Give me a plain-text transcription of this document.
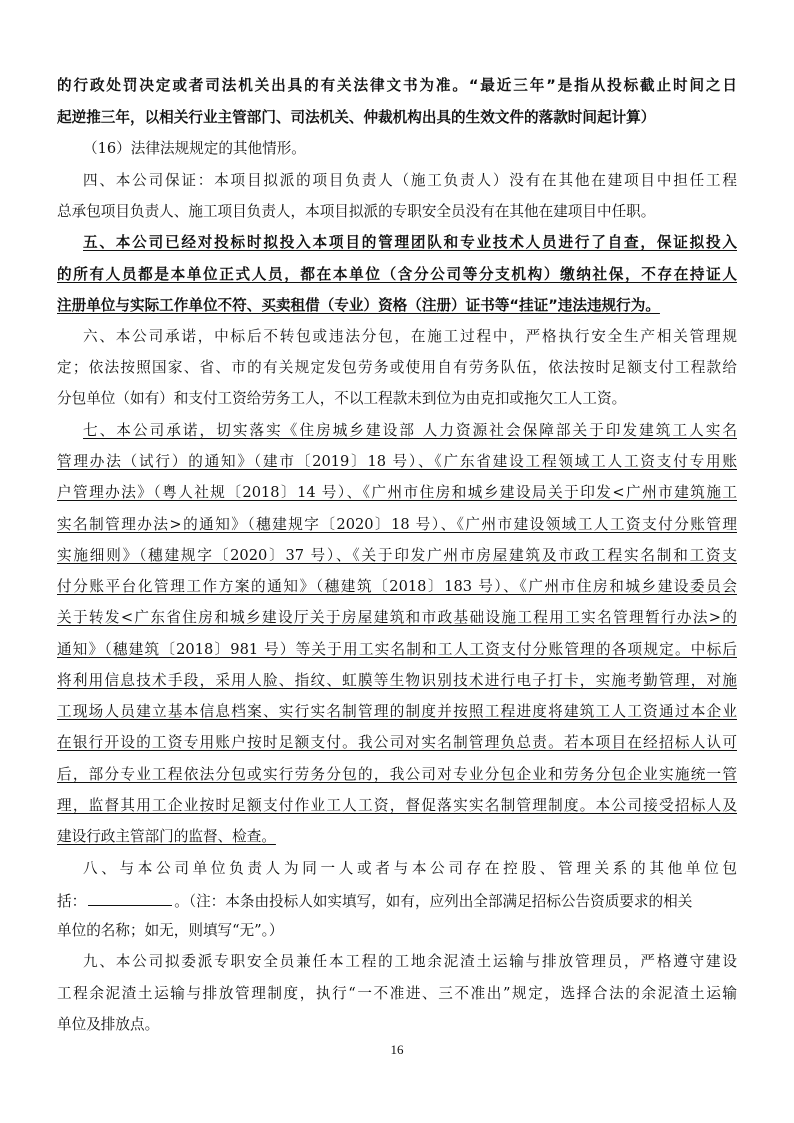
的行政处罚决定或者司法机关出具的有关法律文书为准。“最近三年”是指从投标截止时间之日
起逆推三年，以相关行业主管部门、司法机关、仲裁机构出具的生效文件的落款时间起计算）
（16）法律法规规定的其他情形。
四、本公司保证：本项目拟派的项目负责人（施工负责人）没有在其他在建项目中担任工程
总承包项目负责人、施工项目负责人，本项目拟派的专职安全员没有在其他在建项目中任职。
五、本公司已经对投标时拟投入本项目的管理团队和专业技术人员进行了自查，保证拟投入
的所有人员都是本单位正式人员，都在本单位（含分公司等分支机构）缴纳社保，不存在持证人
注册单位与实际工作单位不符、买卖租借（专业）资格（注册）证书等“挂证”违法违规行为。
六、本公司承诺，中标后不转包或违法分包，在施工过程中，严格执行安全生产相关管理规
定；依法按照国家、省、市的有关规定发包劳务或使用自有劳务队伍，依法按时足额支付工程款给
分包单位（如有）和支付工资给劳务工人，不以工程款未到位为由克扣或拖欠工人工资。
七、本公司承诺，切实落实《住房城乡建设部 人力资源社会保障部关于印发建筑工人实名
管理办法（试行）的通知》（建市〔2019〕18 号）、《广东省建设工程领域工人工资支付专用账
户管理办法》（粤人社规〔2018〕14 号）、《广州市住房和城乡建设局关于印发<广州市建筑施工
实名制管理办法>的通知》（穗建规字〔2020〕18 号）、《广州市建设领域工人工资支付分账管理
实施细则》（穗建规字〔2020〕37 号）、《关于印发广州市房屋建筑及市政工程实名制和工资支
付分账平台化管理工作方案的通知》（穗建筑〔2018〕183 号）、《广州市住房和城乡建设委员会
关于转发<广东省住房和城乡建设厅关于房屋建筑和市政基础设施工程用工实名管理暂行办法>的
通知》（穗建筑〔2018〕981 号）等关于用工实名制和工人工资支付分账管理的各项规定。中标后
将利用信息技术手段，采用人脸、指纹、虹膜等生物识别技术进行电子打卡，实施考勤管理，对施
工现场人员建立基本信息档案、实行实名制管理的制度并按照工程进度将建筑工人工资通过本企业
在银行开设的工资专用账户按时足额支付。我公司对实名制管理负总责。若本项目在经招标人认可
后，部分专业工程依法分包或实行劳务分包的，我公司对专业分包企业和劳务分包企业实施统一管
理，监督其用工企业按时足额支付作业工人工资，督促落实实名制管理制度。本公司接受招标人及
建设行政主管部门的监督、检查。
八、与本公司单位负责人为同一人或者与本公司存在控股、管理关系的其他单位包
括：	。（注：本条由投标人如实填写，如有，应列出全部满足招标公告资质要求的相关
单位的名称；如无，则填写“无”。）
九、本公司拟委派专职安全员兼任本工程的工地余泥渣土运输与排放管理员，严格遵守建设
工程余泥渣土运输与排放管理制度，执行“一不准进、三不准出”规定，选择合法的余泥渣土运输
单位及排放点。
16
